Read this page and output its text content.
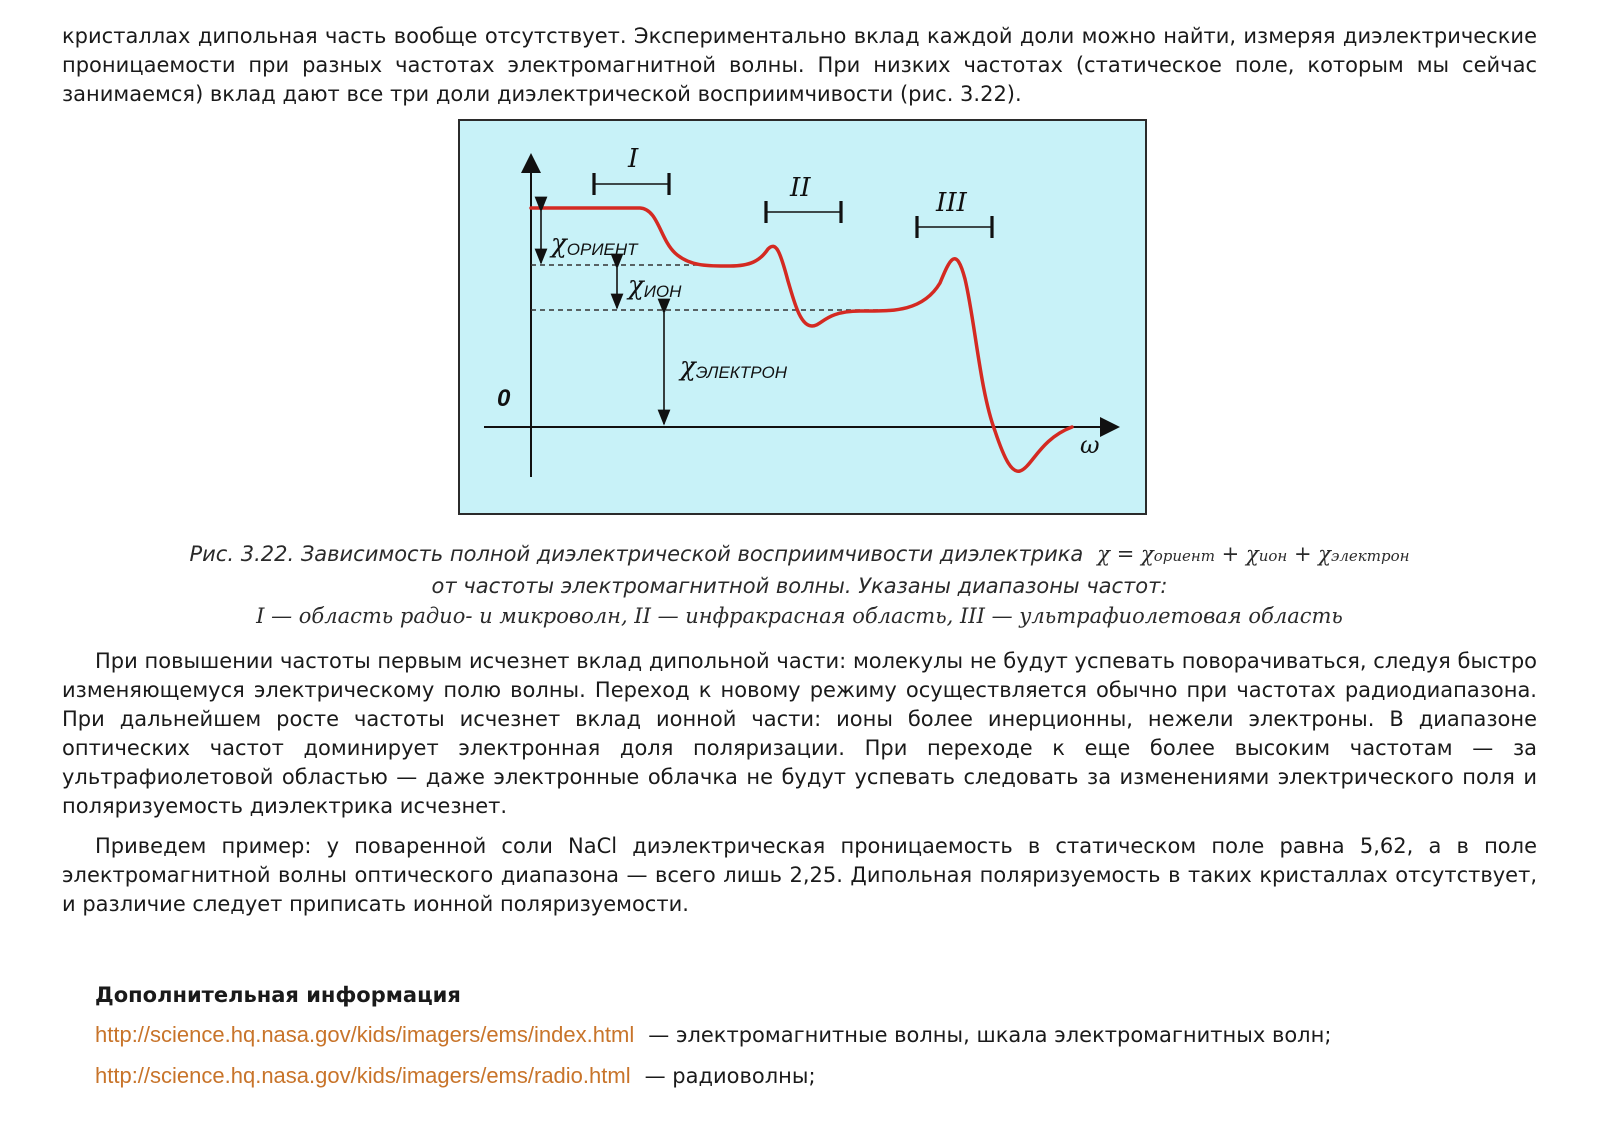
кристаллах дипольная часть вообще отсутствует. Экспериментально вклад каждой доли можно найти, измеряя диэлектрические проницаемости при разных частотах электромагнитной волны. При низких частотах (статическое поле, которым мы сейчас занимаемся) вклад дают все три доли диэлектрической восприимчивости (рис. 3.22).

I
II	III
χОРИЕНТ
χИОН
χЭЛЕКТРОН
0
ω
Рис. 3.22. Зависимость полной диэлектрической восприимчивости диэлектрика χ = χориент + χион + χэлектрон
от частоты электромагнитной волны. Указаны диапазоны частот:
I — область радио- и микроволн, II — инфракрасная область, III — ультрафиолетовая область

При повышении частоты первым исчезнет вклад дипольной части: молекулы не будут успевать поворачиваться, следуя быстро изменяющемуся электрическому полю волны. Переход к новому режиму осуществляется обычно при частотах радиодиапазона. При дальнейшем росте частоты исчезнет вклад ионной части: ионы более инерционны, нежели электроны. В диапазоне оптических частот доминирует электронная доля поляризации. При переходе к еще более высоким частотам — за ультрафиолетовой областью — даже электронные облачка не будут успевать следовать за изменениями электрического поля и поляризуемость диэлектрика исчезнет.

Приведем пример: у поваренной соли NaCl диэлектрическая проницаемость в статическом поле равна 5,62, а в поле электромагнитной волны оптического диапазона — всего лишь 2,25. Дипольная поляризуемость в таких кристаллах отсутствует, и различие следует приписать ионной поляризуемости.

Дополнительная информация
http://science.hq.nasa.gov/kids/imagers/ems/index.html — электромагнитные волны, шкала электромагнитных волн;
http://science.hq.nasa.gov/kids/imagers/ems/radio.html — радиоволны;
